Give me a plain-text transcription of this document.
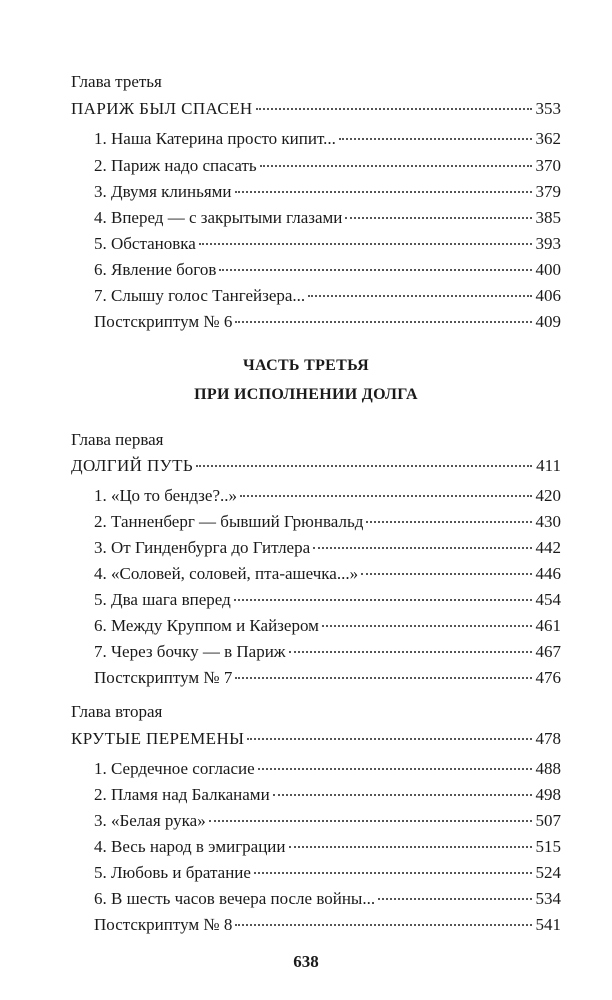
Глава третья
ПАРИЖ БЫЛ СПАСЕН	353
1. Наша Катерина просто кипит...	362
2. Париж надо спасать	370
3. Двумя клиньями	379
4. Вперед — с закрытыми глазами	385
5. Обстановка	393
6. Явление богов	400
7. Слышу голос Тангейзера...	406
Постскриптум № 6	409
ЧАСТЬ ТРЕТЬЯ
ПРИ ИСПОЛНЕНИИ ДОЛГА
Глава первая
ДОЛГИЙ ПУТЬ	411
1. «Цо то бендзе?..»	420
2. Танненберг — бывший Грюнвальд	430
3. От Гинденбурга до Гитлера	442
4. «Соловей, соловей, пта-ашечка...»	446
5. Два шага вперед	454
6. Между Круппом и Кайзером	461
7. Через бочку — в Париж	467
Постскриптум № 7	476
Глава вторая
КРУТЫЕ ПЕРЕМЕНЫ	478
1. Сердечное согласие	488
2. Пламя над Балканами	498
3. «Белая рука»	507
4. Весь народ в эмиграции	515
5. Любовь и братание	524
6. В шесть часов вечера после войны...	534
Постскриптум № 8	541
638
